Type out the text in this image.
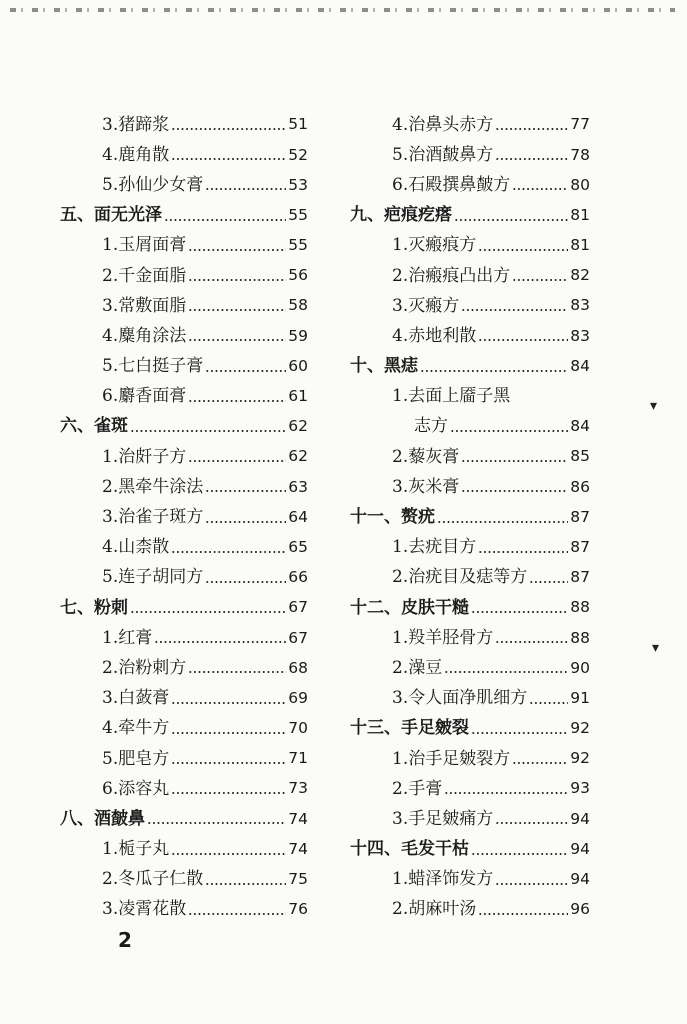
3.猪蹄浆	51
4.鹿角散	52
5.孙仙少女膏	53
五、面无光泽	55
1.玉屑面膏	55
2.千金面脂	56
3.常敷面脂	58
4.麋角涂法	59
5.七白挺子膏	60
6.麝香面膏	61
六、雀斑	62
1.治皯子方	62
2.黑牵牛涂法	63
3.治雀子斑方	64
4.山柰散	65
5.连子胡同方	66
七、粉刺	67
1.红膏	67
2.治粉刺方	68
3.白蔹膏	69
4.牵牛方	70
5.肥皂方	71
6.添容丸	73
八、酒皶鼻	74
1.栀子丸	74
2.冬瓜子仁散	75
3.凌霄花散	76
4.治鼻头赤方	77
5.治酒皶鼻方	78
6.石殿撰鼻皶方	80
九、疤痕疙瘩	81
1.灭瘢痕方	81
2.治瘢痕凸出方	82
3.灭瘢方	83
4.赤地利散	83
十、黑痣	84
1.去面上靥子黑
志方	84
2.藜灰膏	85
3.灰米膏	86
十一、赘疣	87
1.去疣目方	87
2.治疣目及痣等方	87
十二、皮肤干糙	88
1.羖羊胫骨方	88
2.澡豆	90
3.令人面净肌细方	91
十三、手足皴裂	92
1.治手足皴裂方	92
2.手膏	93
3.手足皴痛方	94
十四、毛发干枯	94
1.蜡泽饰发方	94
2.胡麻叶汤	96
2
▾
▾
